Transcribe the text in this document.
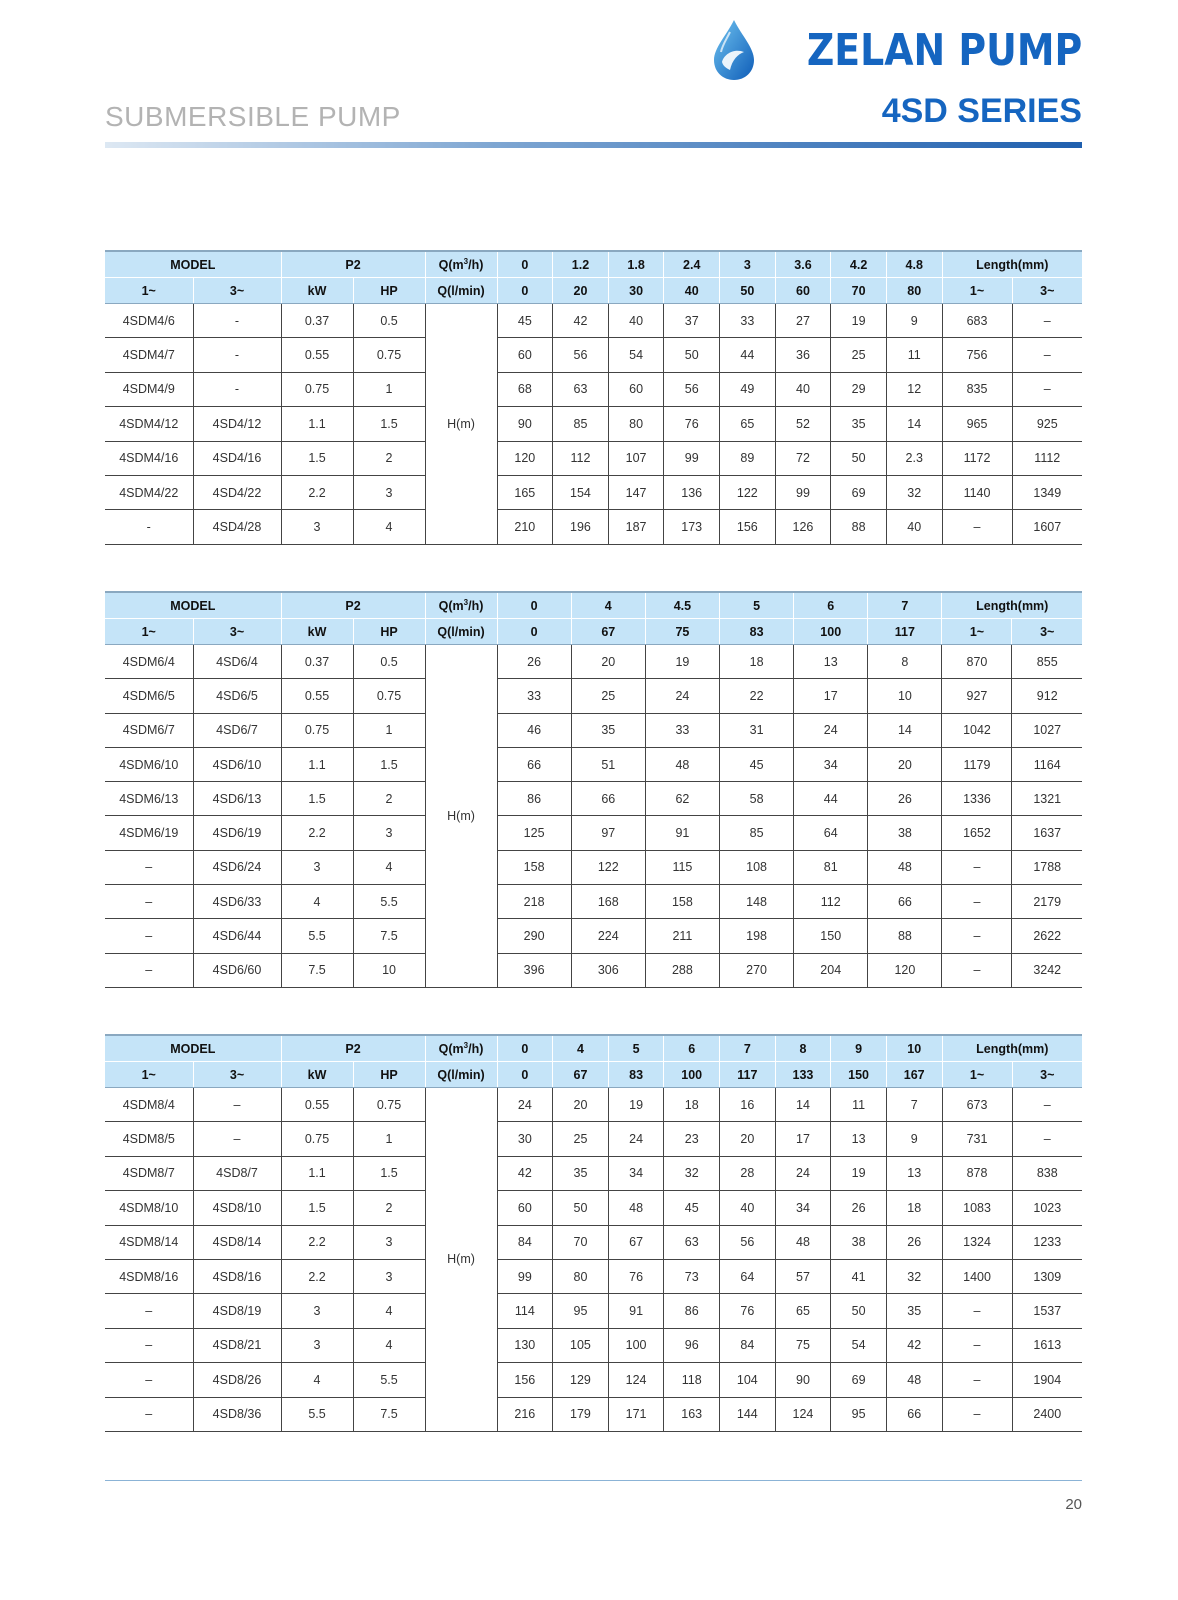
SUBMERSIBLE PUMP
ZELAN PUMP
4SD SERIES
MODEL		P2		$Q(m^3/h)$	0	1.2	1.8	2.4	3	3.6	4.2	4.8	Length(mm)	
1~	3~	kW	HP	Q(l/min)	0	20	30	40	50	60	70	80	1~	3~
4SDM4/6	-	0.37	0.5	H(m)	45	42	40	37	33	27	19	9	683	–
4SDM4/7	-	0.55	0.75		60	56	54	50	44	36	25	11	756	–
4SDM4/9	-	0.75	1		68	63	60	56	49	40	29	12	835	–
4SDM4/12	4SD4/12	1.1	1.5		90	85	80	76	65	52	35	14	965	925
4SDM4/16	4SD4/16	1.5	2		120	112	107	99	89	72	50	2.3	1172	1112
4SDM4/22	4SD4/22	2.2	3		165	154	147	136	122	99	69	32	1140	1349
-	4SD4/28	3	4		210	196	187	173	156	126	88	40	–	1607
MODEL		P2		$Q(m^3/h)$	0	4	4.5	5	6	7	Length(mm)	
1~	3~	kW	HP	Q(l/min)	0	67	75	83	100	117	1~	3~
4SDM6/4	4SD6/4	0.37	0.5	H(m)	26	20	19	18	13	8	870	855
4SDM6/5	4SD6/5	0.55	0.75		33	25	24	22	17	10	927	912
4SDM6/7	4SD6/7	0.75	1		46	35	33	31	24	14	1042	1027
4SDM6/10	4SD6/10	1.1	1.5		66	51	48	45	34	20	1179	1164
4SDM6/13	4SD6/13	1.5	2		86	66	62	58	44	26	1336	1321
4SDM6/19	4SD6/19	2.2	3		125	97	91	85	64	38	1652	1637
–	4SD6/24	3	4		158	122	115	108	81	48	–	1788
–	4SD6/33	4	5.5		218	168	158	148	112	66	–	2179
–	4SD6/44	5.5	7.5		290	224	211	198	150	88	–	2622
–	4SD6/60	7.5	10		396	306	288	270	204	120	–	3242
MODEL		P2		$Q(m^3/h)$	0	4	5	6	7	8	9	10	Length(mm)	
1~	3~	kW	HP	Q(l/min)	0	67	83	100	117	133	150	167	1~	3~
4SDM8/4	–	0.55	0.75	H(m)	24	20	19	18	16	14	11	7	673	–
4SDM8/5	–	0.75	1		30	25	24	23	20	17	13	9	731	–
4SDM8/7	4SD8/7	1.1	1.5		42	35	34	32	28	24	19	13	878	838
4SDM8/10	4SD8/10	1.5	2		60	50	48	45	40	34	26	18	1083	1023
4SDM8/14	4SD8/14	2.2	3		84	70	67	63	56	48	38	26	1324	1233
4SDM8/16	4SD8/16	2.2	3		99	80	76	73	64	57	41	32	1400	1309
–	4SD8/19	3	4		114	95	91	86	76	65	50	35	–	1537
–	4SD8/21	3	4		130	105	100	96	84	75	54	42	–	1613
–	4SD8/26	4	5.5		156	129	124	118	104	90	69	48	–	1904
–	4SD8/36	5.5	7.5		216	179	171	163	144	124	95	66	–	2400
20
